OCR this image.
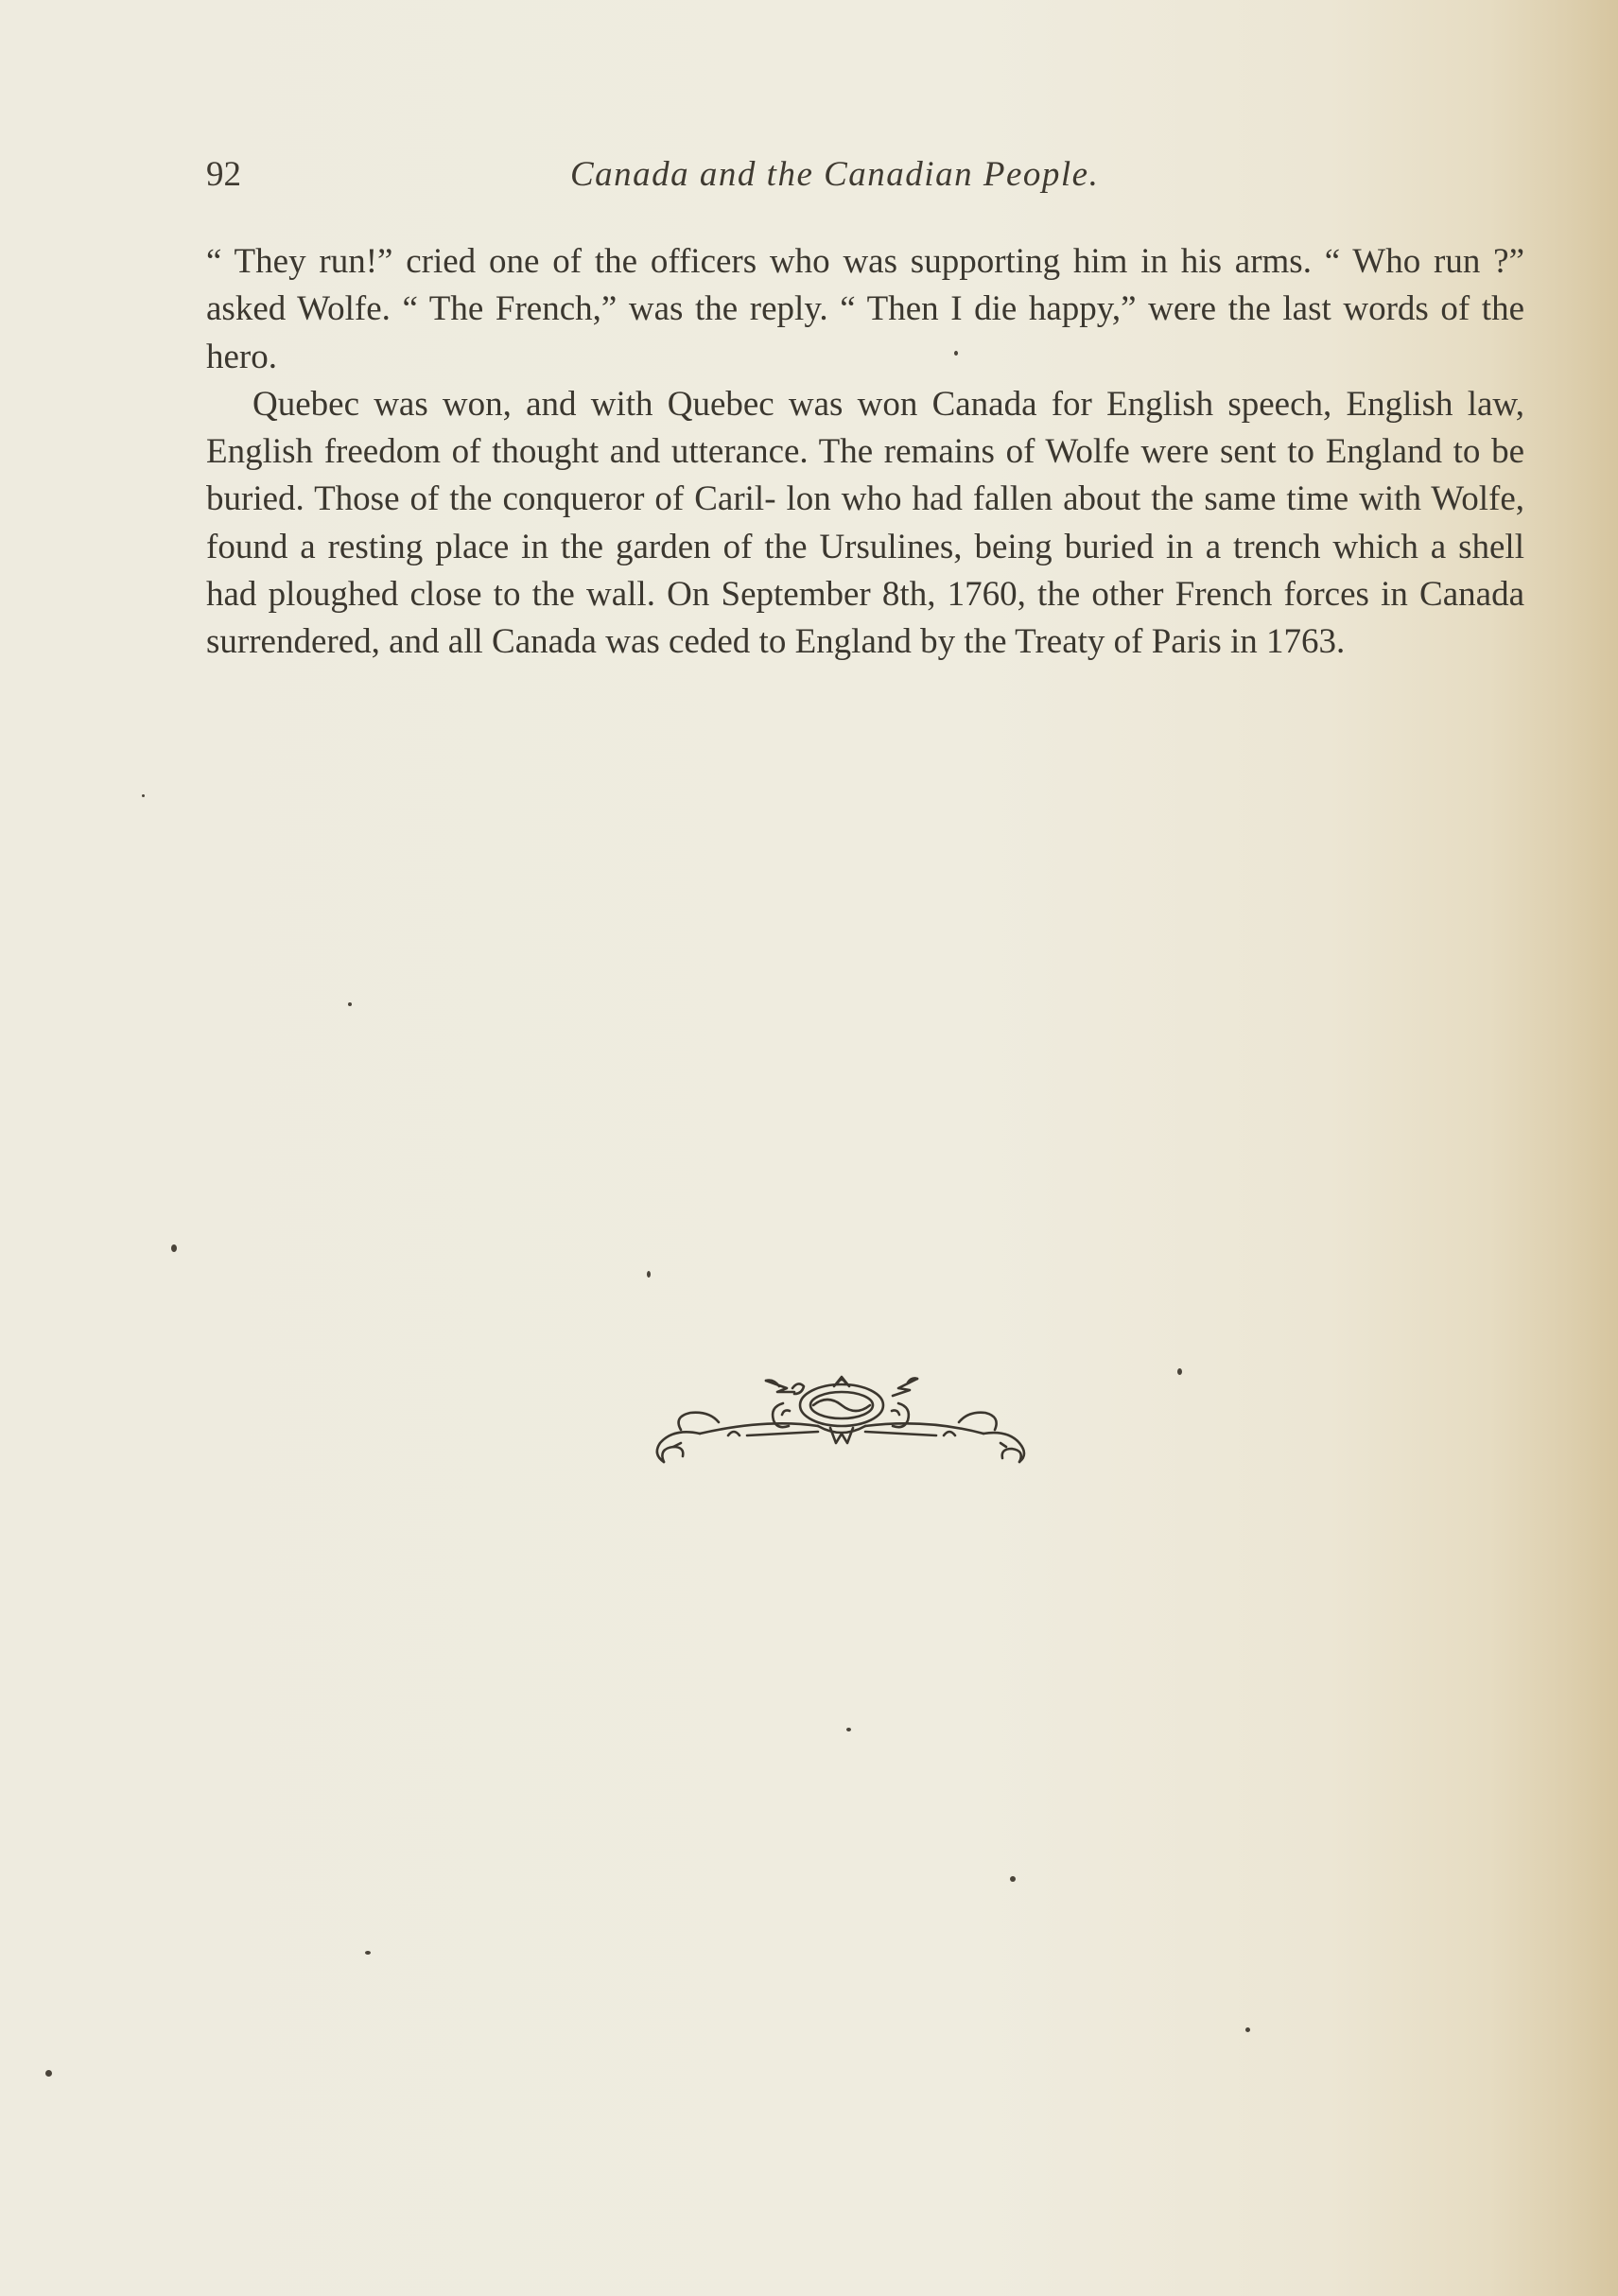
92	Canada and the Canadian People.

“ They run!” cried one of the officers who was supporting him in his arms. “ Who run ?” asked Wolfe. “ The French,” was the reply. “ Then I die happy,” were the last words of the hero.

Quebec was won, and with Quebec was won Canada for English speech, English law, English freedom of thought and utterance. The remains of Wolfe were sent to England to be buried. Those of the conqueror of Caril- lon who had fallen about the same time with Wolfe, found a resting place in the garden of the Ursulines, being buried in a trench which a shell had ploughed close to the wall. On September 8th, 1760, the other French forces in Canada surrendered, and all Canada was ceded to England by the Treaty of Paris in 1763.
